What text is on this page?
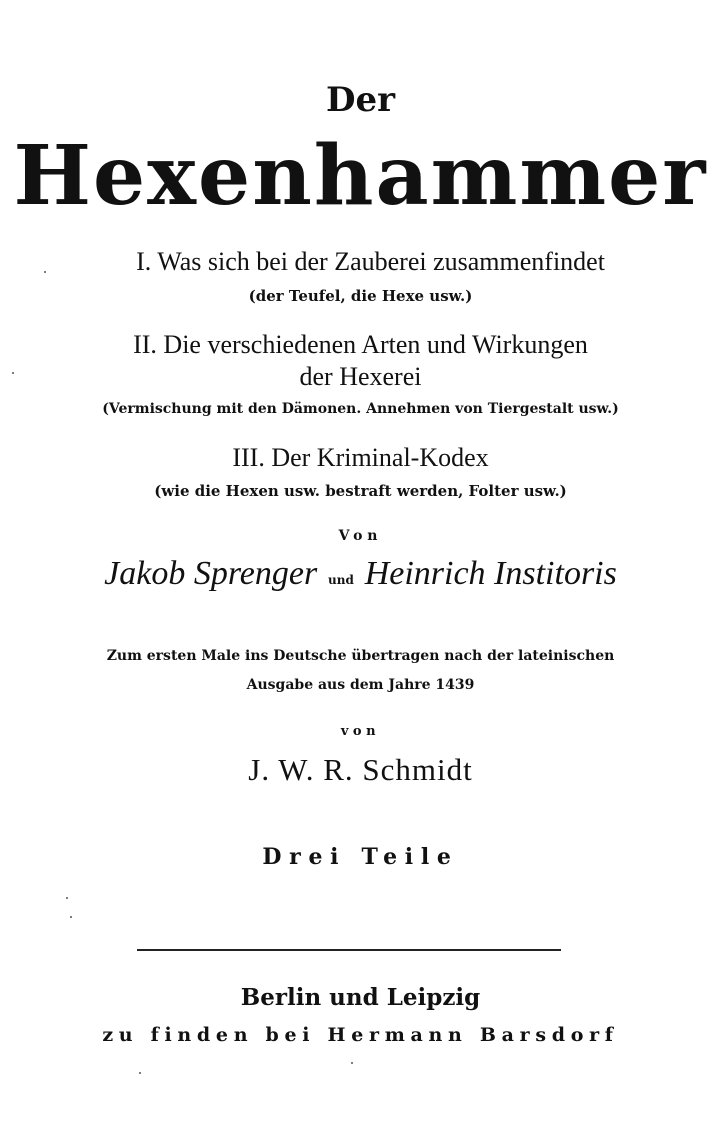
Der
Hexenhammer
I. Was sich bei der Zauberei zusammenfindet
(der Teufel, die Hexe usw.)
II. Die verschiedenen Arten und Wirkungen
der Hexerei
(Vermischung mit den Dämonen. Annehmen von Tiergestalt usw.)
III. Der Kriminal-Kodex
(wie die Hexen usw. bestraft werden, Folter usw.)
Von
Jakob Sprenger und Heinrich Institoris
Zum ersten Male ins Deutsche übertragen nach der lateinischen
Ausgabe aus dem Jahre 1439
von
J. W. R. Schmidt
Drei Teile
Berlin und Leipzig
zu finden bei Hermann Barsdorf
